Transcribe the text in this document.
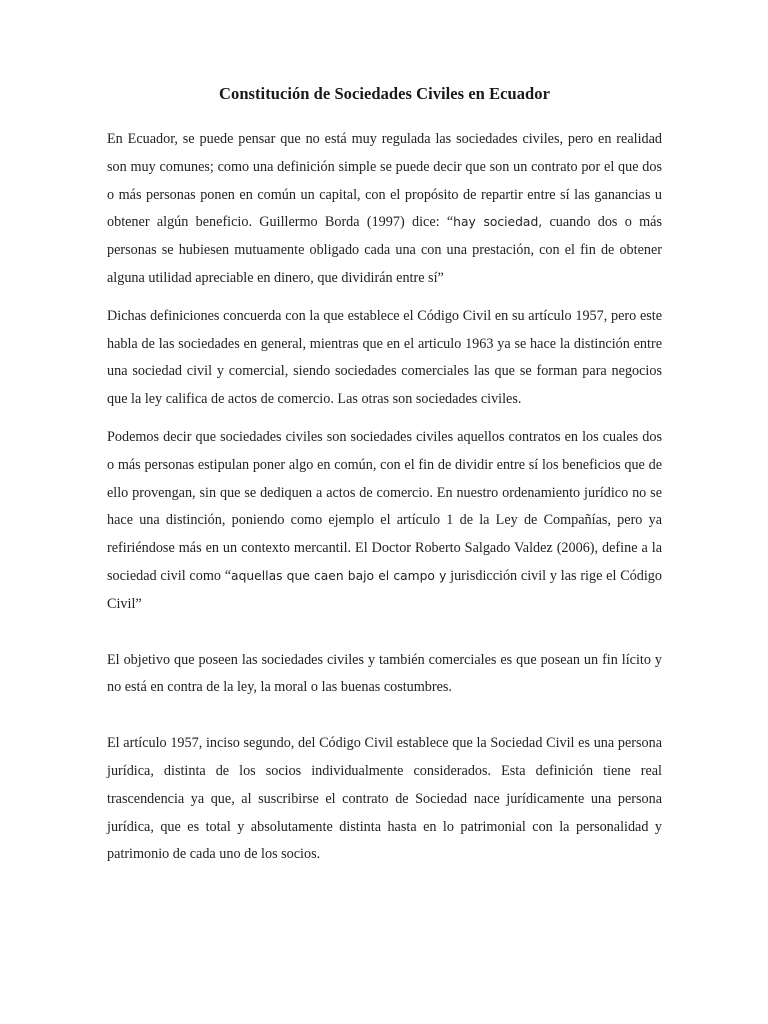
Constitución de Sociedades Civiles en Ecuador

En Ecuador, se puede pensar que no está muy regulada las sociedades civiles, pero en realidad son muy comunes; como una definición simple se puede decir que son un contrato por el que dos o más personas ponen en común un capital, con el propósito de repartir entre sí las ganancias u obtener algún beneficio. Guillermo Borda (1997) dice: “hay sociedad, cuando dos o más personas se hubiesen mutuamente obligado cada una con una prestación, con el fin de obtener alguna utilidad apreciable en dinero, que dividirán entre sí”

Dichas definiciones concuerda con la que establece el Código Civil en su artículo 1957, pero este habla de las sociedades en general, mientras que en el articulo 1963 ya se hace la distinción entre una sociedad civil y comercial, siendo sociedades comerciales las que se forman para negocios que la ley califica de actos de comercio. Las otras son sociedades civiles.

Podemos decir que sociedades civiles son sociedades civiles aquellos contratos en los cuales dos o más personas estipulan poner algo en común, con el fin de dividir entre sí los beneficios que de ello provengan, sin que se dediquen a actos de comercio. En nuestro ordenamiento jurídico no se hace una distinción, poniendo como ejemplo el artículo 1 de la Ley de Compañías, pero ya refiriéndose más en un contexto mercantil. El Doctor Roberto Salgado Valdez (2006), define a la sociedad civil como “aquellas que caen bajo el campo y jurisdicción civil y las rige el Código Civil”

El objetivo que poseen las sociedades civiles y también comerciales es que posean un fin lícito y no está en contra de la ley, la moral o las buenas costumbres.

El artículo 1957, inciso segundo, del Código Civil establece que la Sociedad Civil es una persona jurídica, distinta de los socios individualmente considerados. Esta definición tiene real trascendencia ya que, al suscribirse el contrato de Sociedad nace jurídicamente una persona jurídica, que es total y absolutamente distinta hasta en lo patrimonial con la personalidad y patrimonio de cada uno de los socios.
